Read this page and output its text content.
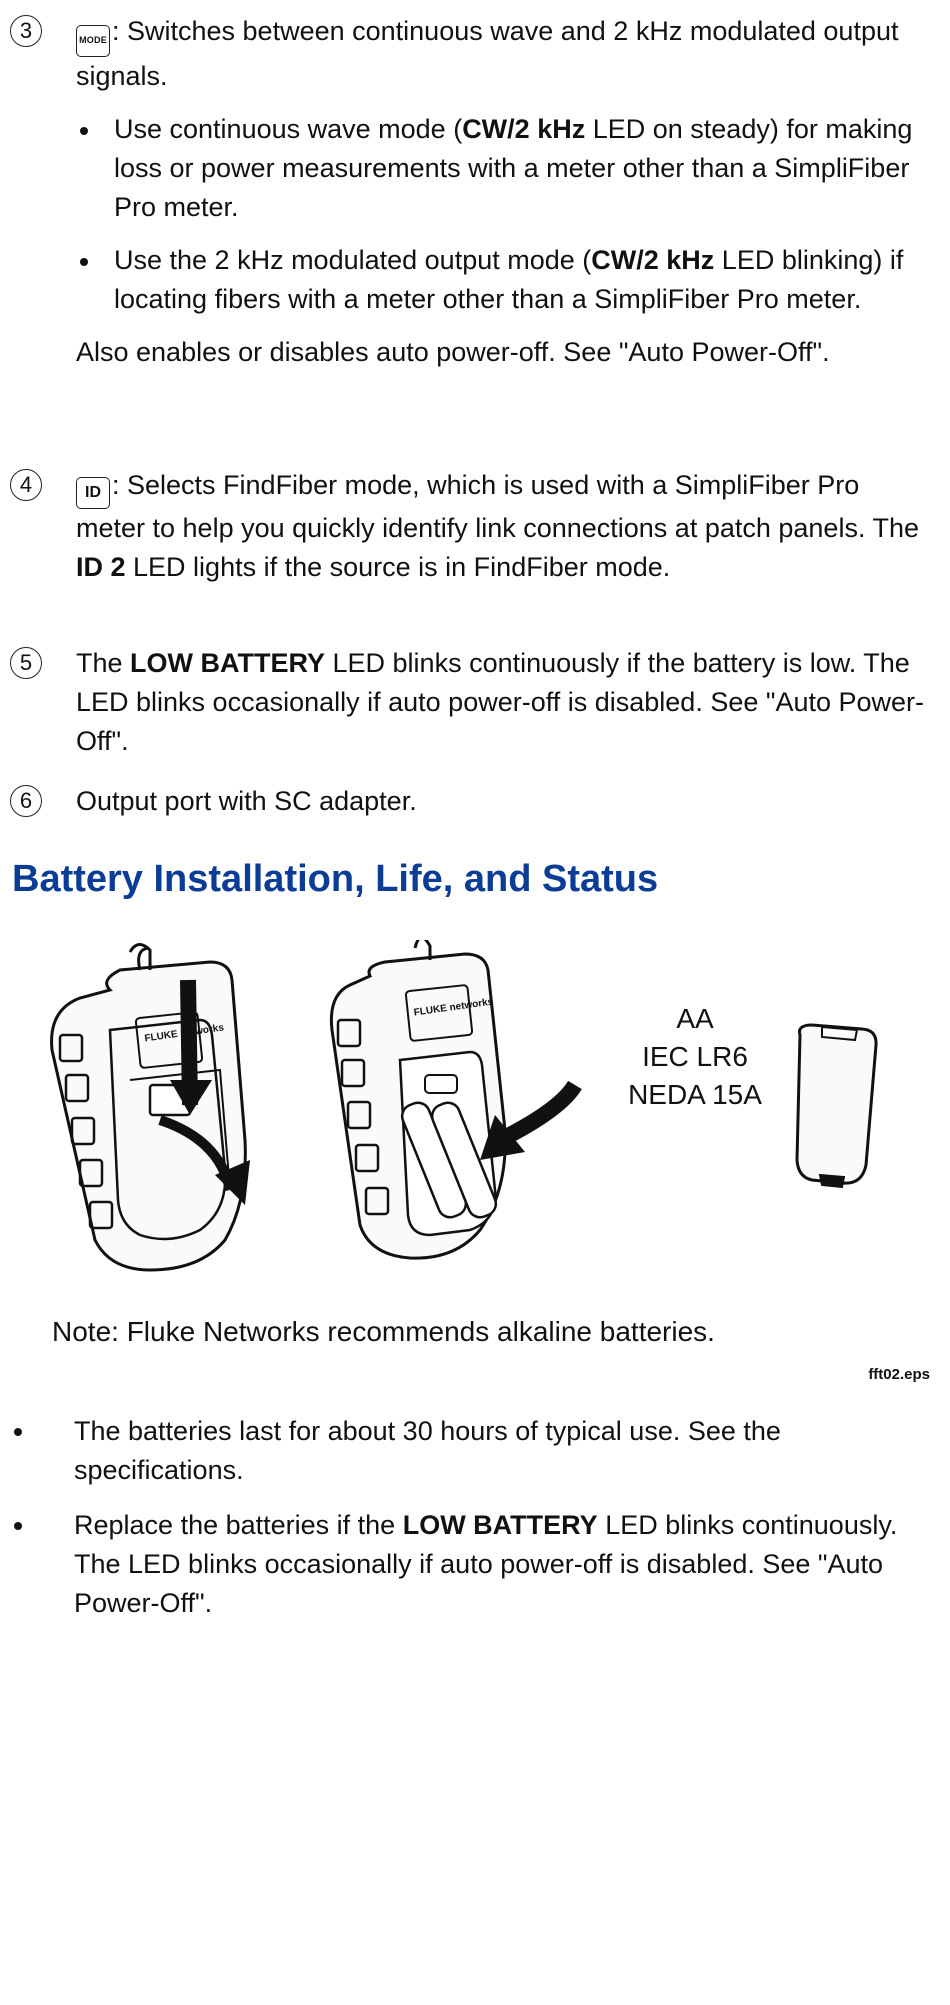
3	MODE : Switches between continuous wave and 2 kHz modulated output signals.

Use continuous wave mode (CW/2 kHz LED on steady) for making loss or power measurements with a meter other than a SimpliFiber Pro meter.
Use the 2 kHz modulated output mode (CW/2 kHz LED blinking) if locating fibers with a meter other than a SimpliFiber Pro meter.

Also enables or disables auto power-off. See "Auto Power-Off".

4	ID : Selects FindFiber mode, which is used with a SimpliFiber Pro meter to help you quickly identify link connections at patch panels. The ID 2 LED lights if the source is in FindFiber mode.

5	The LOW BATTERY LED blinks continuously if the battery is low. The LED blinks occasionally if auto power-off is disabled. See "Auto Power-Off".

6	Output port with SC adapter.

Battery Installation, Life, and Status
FLUKE networks
FLUKE networks	AA
IEC LR6
NEDA 15A
Note: Fluke Networks recommends alkaline batteries.
fft02.eps
The batteries last for about 30 hours of typical use. See the specifications.
Replace the batteries if the LOW BATTERY LED blinks continuously. The LED blinks occasionally if auto power-off is disabled. See "Auto Power-Off".
